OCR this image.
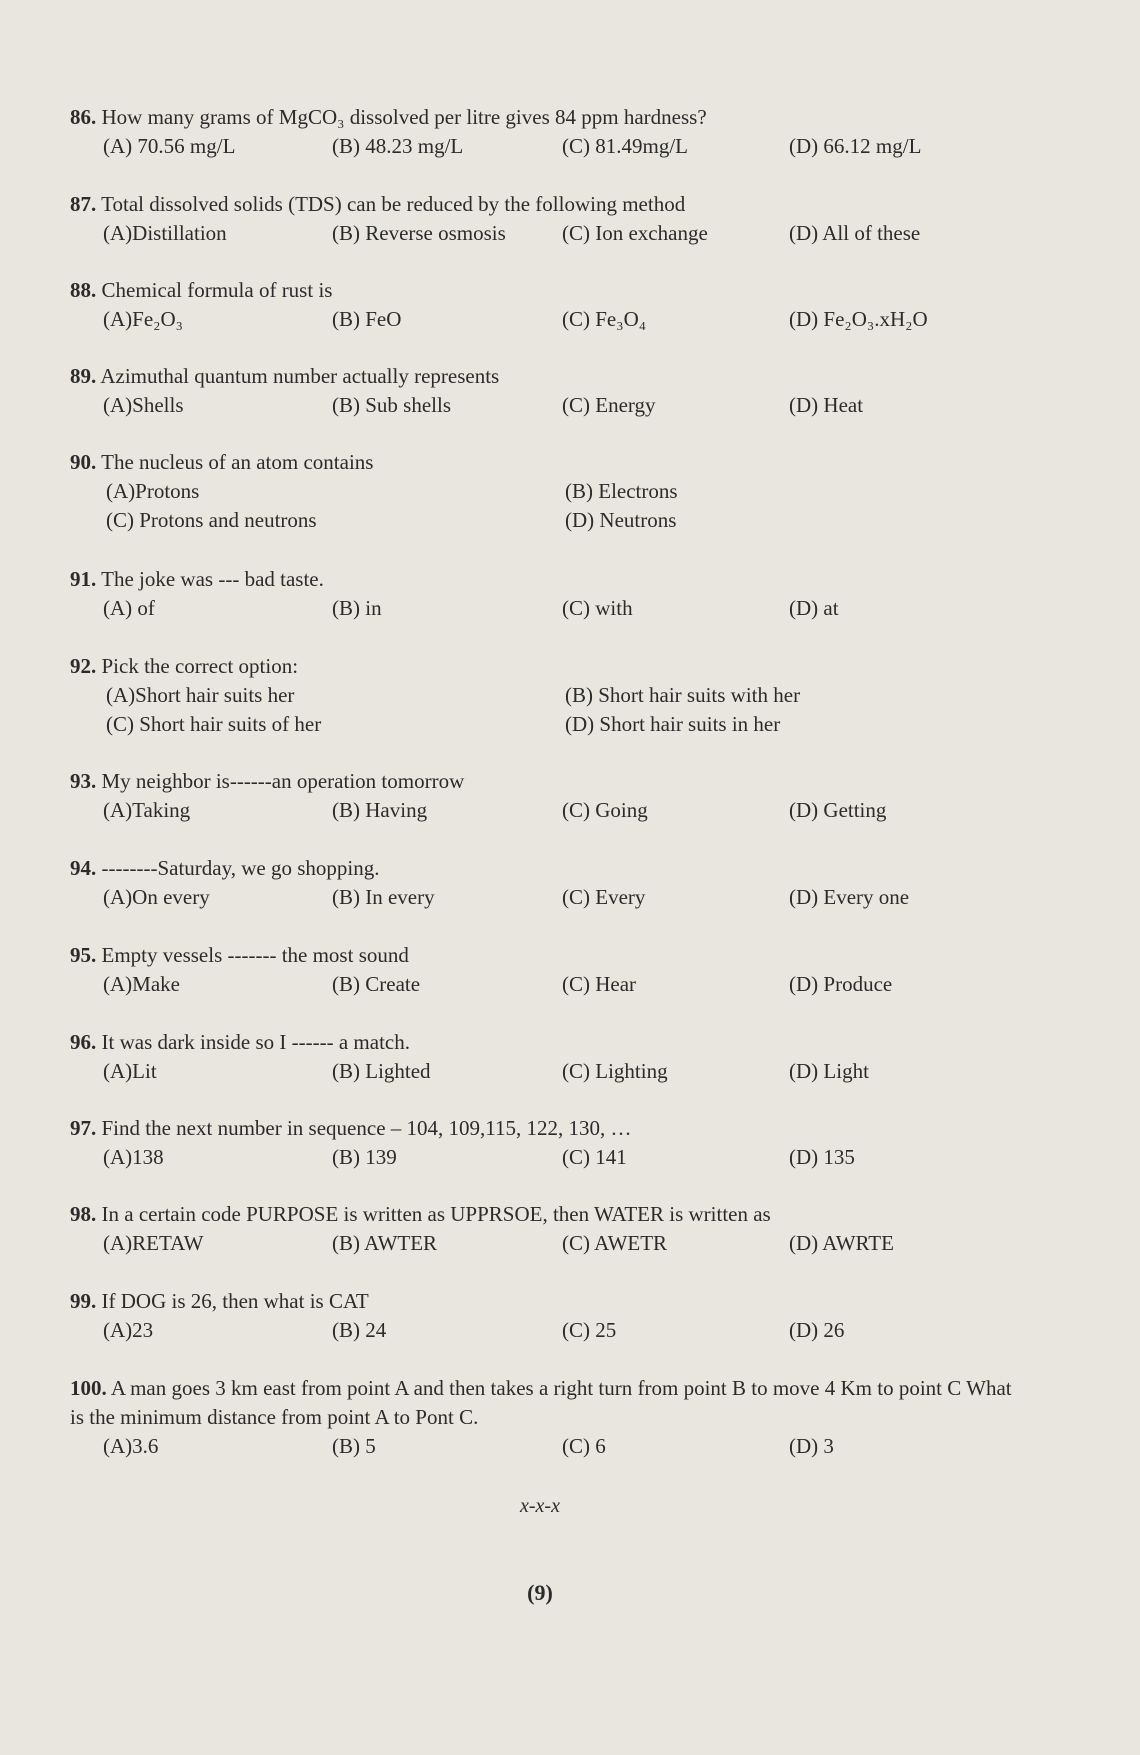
86. How many grams of MgCO₃ dissolved per litre gives 84 ppm hardness?
(A) 70.56 mg/L	(B) 48.23 mg/L	(C) 81.49mg/L	(D) 66.12 mg/L
87. Total dissolved solids (TDS) can be reduced by the following method
(A)Distillation	(B) Reverse osmosis	(C) Ion exchange	(D) All of these
88. Chemical formula of rust is
(A)Fe₂O₃	(B) FeO	(C) Fe₃O₄	(D) Fe₂O₃.xH₂O
89. Azimuthal quantum number actually represents
(A)Shells	(B) Sub shells	(C) Energy	(D) Heat
90. The nucleus of an atom contains
(A)Protons	(B) Electrons
(C) Protons and neutrons	(D) Neutrons
91. The joke was --- bad taste.
(A) of	(B) in	(C) with	(D) at
92. Pick the correct option:
(A)Short hair suits her	(B) Short hair suits with her
(C) Short hair suits of her	(D) Short hair suits in her
93. My neighbor is------an operation tomorrow
(A)Taking	(B) Having	(C) Going	(D) Getting
94. --------Saturday, we go shopping.
(A)On every	(B) In every	(C) Every	(D) Every one
95. Empty vessels ------- the most sound
(A)Make	(B) Create	(C) Hear	(D) Produce
96. It was dark inside so I ------ a match.
(A)Lit	(B) Lighted	(C) Lighting	(D) Light
97. Find the next number in sequence – 104, 109,115, 122, 130, …
(A)138	(B) 139	(C) 141	(D) 135
98. In a certain code PURPOSE is written as UPPRSOE, then WATER is written as
(A)RETAW	(B) AWTER	(C) AWETR	(D) AWRTE
99. If DOG is 26, then what is CAT
(A)23	(B) 24	(C) 25	(D) 26
100. A man goes 3 km east from point A and then takes a right turn from point B to move 4 Km to point C What is the minimum distance from point A to Pont C.
(A)3.6	(B) 5	(C) 6	(D) 3
x-x-x
(9)
